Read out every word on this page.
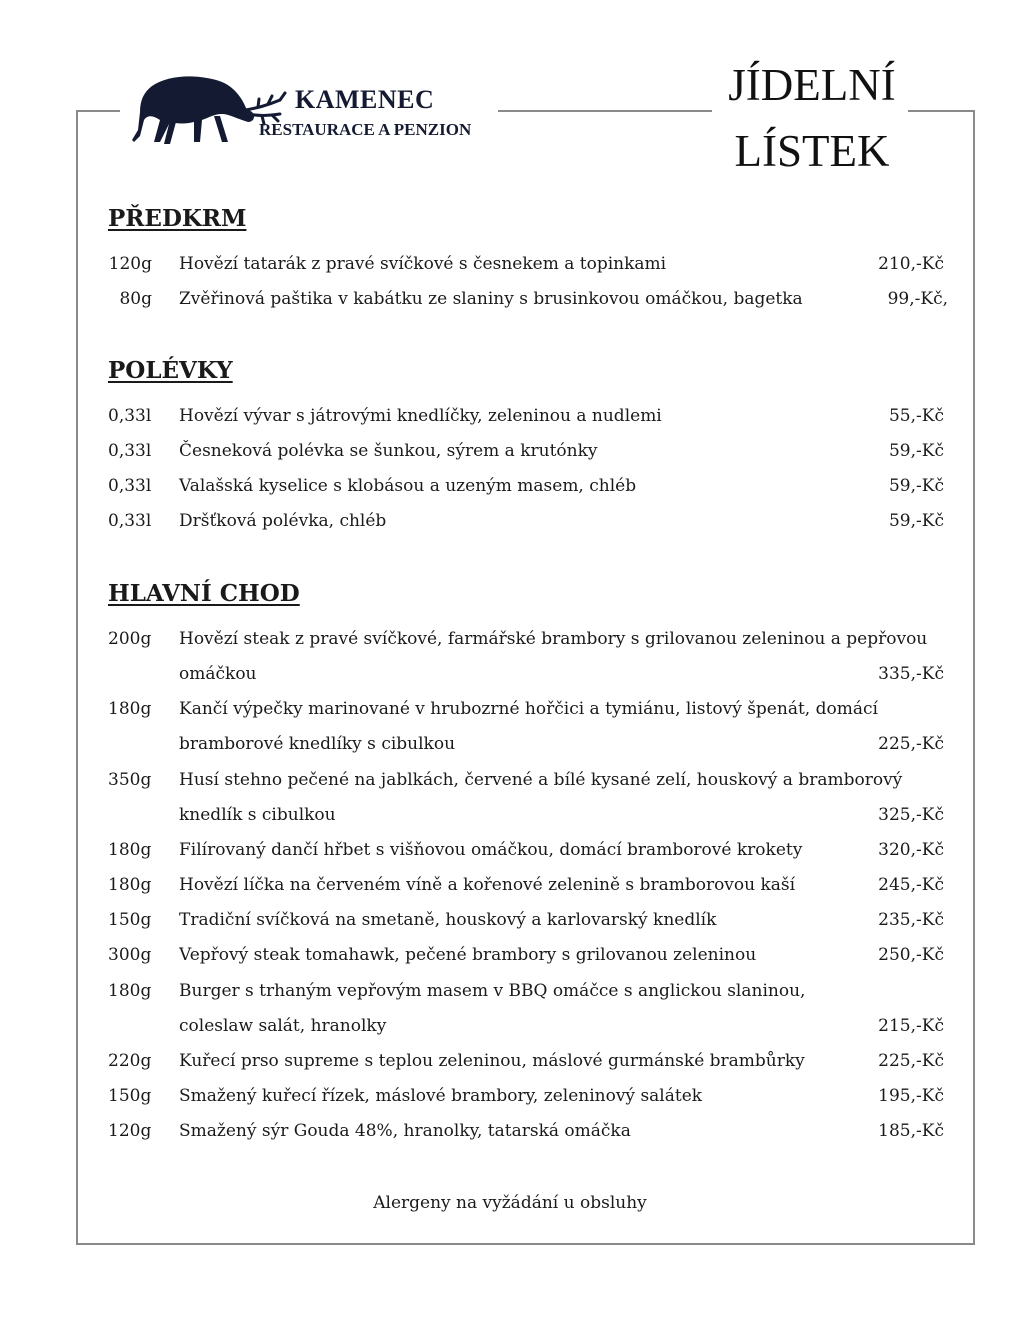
KAMENEC
RESTAURACE A PENZION
JÍDELNÍ
LÍSTEK
PŘEDKRM
120g Hovězí tatarák z pravé svíčkové s česnekem a topinkami	210,-Kč
80g Zvěřinová paštika v kabátku ze slaniny s brusinkovou omáčkou, bagetka	99,-Kč,
POLÉVKY
0,33l Hovězí vývar s játrovými knedlíčky, zeleninou a nudlemi	55,-Kč
0,33l Česneková polévka se šunkou, sýrem a krutónky	59,-Kč
0,33l Valašská kyselice s klobásou a uzeným masem, chléb	59,-Kč
0,33l Dršťková polévka, chléb	59,-Kč
HLAVNÍ CHOD
200g Hovězí steak z pravé svíčkové, farmářské brambory s grilovanou zeleninou a pepřovou
omáčkou	335,-Kč
180g Kančí výpečky marinované v hrubozrné hořčici a tymiánu, listový špenát, domácí
bramborové knedlíky s cibulkou	225,-Kč
350g Husí stehno pečené na jablkách, červené a bílé kysané zelí, houskový a bramborový
knedlík s cibulkou	325,-Kč
180g Filírovaný dančí hřbet s višňovou omáčkou, domácí bramborové krokety	320,-Kč
180g Hovězí líčka na červeném víně a kořenové zelenině s bramborovou kaší	245,-Kč
150g Tradiční svíčková na smetaně, houskový a karlovarský knedlík	235,-Kč
300g Vepřový steak tomahawk, pečené brambory s grilovanou zeleninou	250,-Kč
180g Burger s trhaným vepřovým masem v BBQ omáčce s anglickou slaninou,
coleslaw salát, hranolky	215,-Kč
220g Kuřecí prso supreme s teplou zeleninou, máslové gurmánské brambůrky	225,-Kč
150g Smažený kuřecí řízek, máslové brambory, zeleninový salátek	195,-Kč
120g Smažený sýr Gouda 48%, hranolky, tatarská omáčka	185,-Kč
Alergeny na vyžádání u obsluhy
